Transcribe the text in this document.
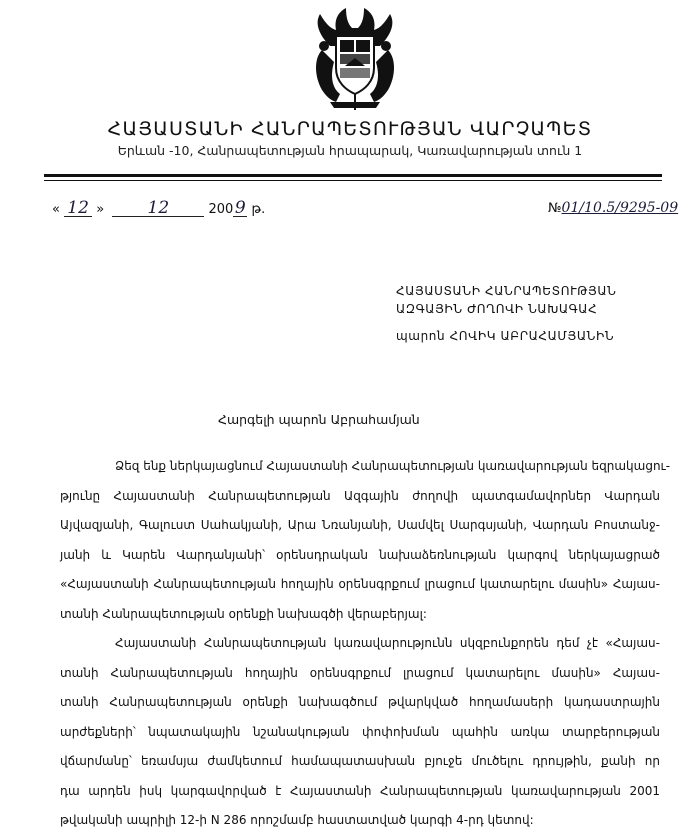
ՀԱՅԱՍՏԱՆԻ ՀԱՆՐԱՊԵՏՈՒԹՅԱՆ ՎԱՐՉԱՊԵՏ
Երևան -10, Հանրապետության հրապարակ, Կառավարության տուն 1
« 12 »	12	2009 թ.	№01/10.5/9295-09
ՀԱՅԱՍՏԱՆԻ ՀԱՆՐԱՊԵՏՈՒԹՅԱՆ
ԱԶԳԱՅԻՆ ԺՈՂՈՎԻ ՆԱԽԱԳԱՀ
պարոն ՀՈՎԻԿ ԱԲՐԱՀԱՄՅԱՆԻՆ
Հարգելի պարոն Աբրահամյան
Ձեզ ենք ներկայացնում Հայաստանի Հանրապետության կառավարության եզրակացու-
թյունը Հայաստանի Հանրապետության Ազգային ժողովի պատգամավորներ Վարդան
Այվազյանի, Գալուստ Սահակյանի, Արա Նռանյանի, Սամվել Սարգսյանի, Վարդան Բոստանջ-
յանի և Կարեն Վարդանյանի՝ օրենսդրական նախաձեռնության կարգով ներկայացրած
«Հայաստանի Հանրապետության հողային օրենսգրքում լրացում կատարելու մասին» Հայաս-
տանի Հանրապետության օրենքի նախագծի վերաբերյալ:
Հայաստանի Հանրապետության կառավարությունն սկզբունքորեն դեմ չէ «Հայաս-
տանի Հանրապետության հողային օրենսգրքում լրացում կատարելու մասին» Հայաս-
տանի Հանրապետության օրենքի նախագծում թվարկված հողամասերի կադաստրային
արժեքների՝ նպատակային նշանակության փոփոխման պահին առկա տարբերության
վճարմանը՝ եռամսյա ժամկետում համապատասխան բյուջե մուծելու դրույթին, քանի որ
դա արդեն իսկ կարգավորված է Հայաստանի Հանրապետության կառավարության 2001
թվականի ապրիլի 12-ի N 286 որոշմամբ հաստատված կարգի 4-րդ կետով:
